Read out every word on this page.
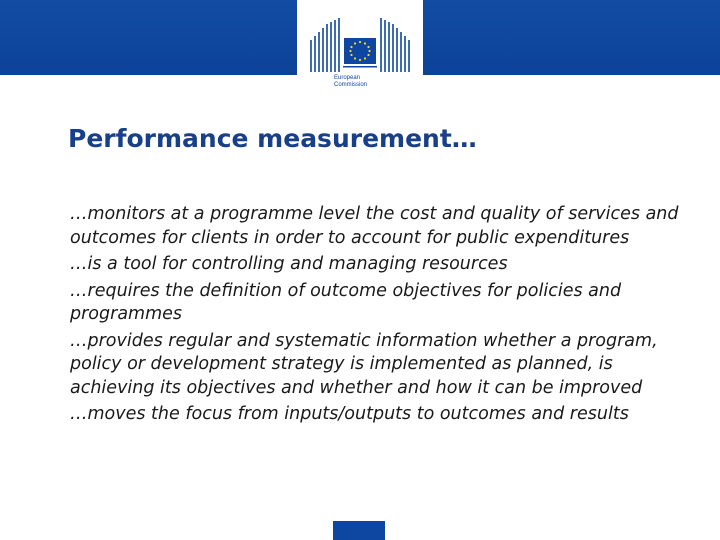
European
Commission
Performance measurement…
…monitors at a programme level the cost and quality of services and outcomes for clients in order to account for public expenditures
…is a tool for controlling and managing resources
…requires the definition of outcome objectives for policies and programmes
…provides regular and systematic information whether a program, policy or development strategy is implemented as planned, is achieving its objectives and whether and how it can be improved
…moves the focus from inputs/outputs to outcomes and results
